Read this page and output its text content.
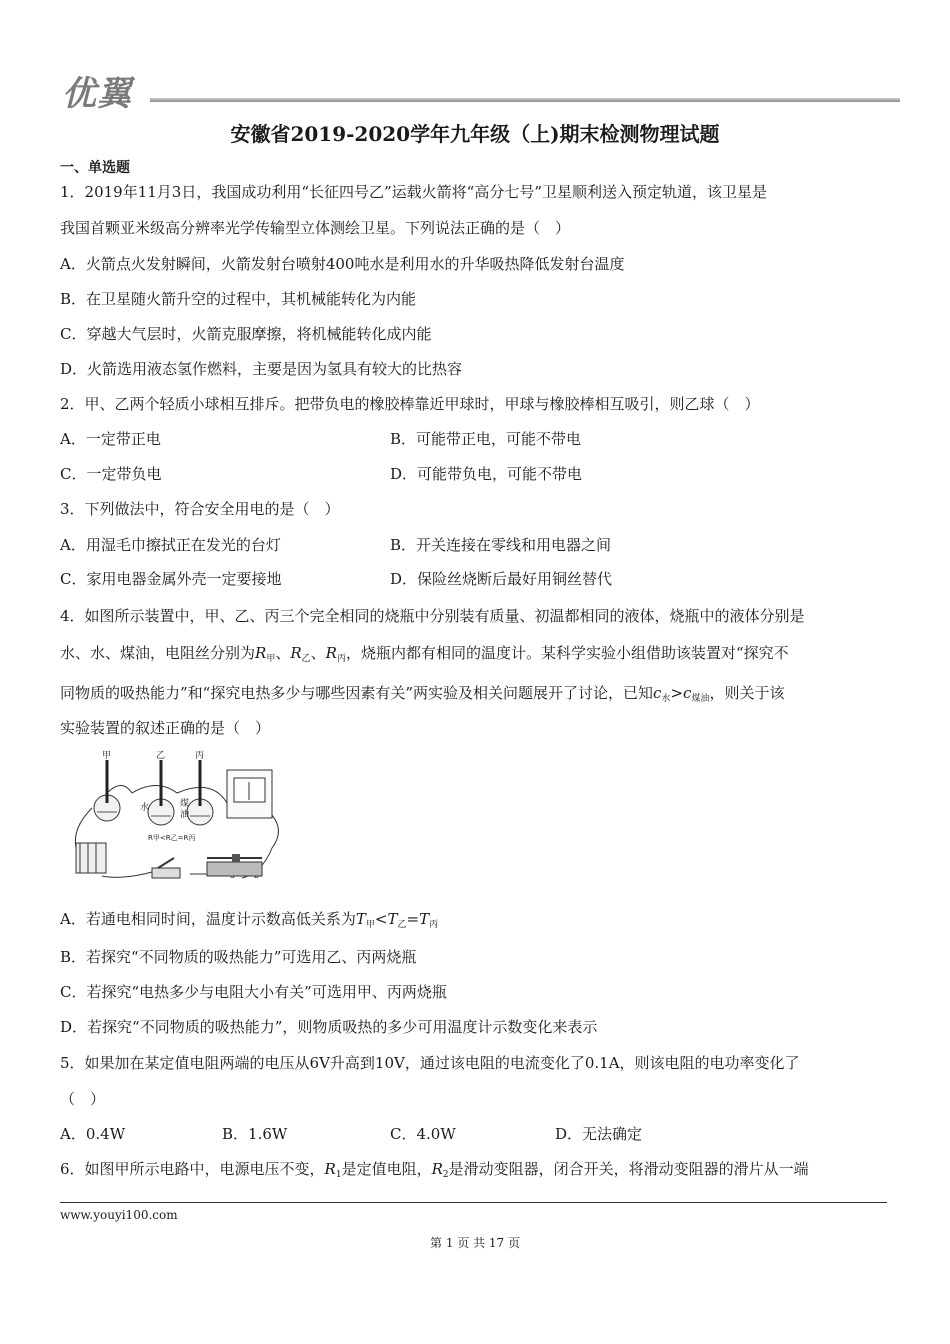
优翼
安徽省2019-2020学年九年级（上)期末检测物理试题
一、单选题
1．2019年11月3日，我国成功利用“长征四号乙”运载火箭将“高分七号”卫星顺利送入预定轨道，该卫星是
我国首颗亚米级高分辨率光学传输型立体测绘卫星。下列说法正确的是（　）
A．火箭点火发射瞬间，火箭发射台喷射400吨水是利用水的升华吸热降低发射台温度
B．在卫星随火箭升空的过程中，其机械能转化为内能
C．穿越大气层时，火箭克服摩擦，将机械能转化成内能
D．火箭选用液态氢作燃料，主要是因为氢具有较大的比热容
2．甲、乙两个轻质小球相互排斥。把带负电的橡胶棒靠近甲球时，甲球与橡胶棒相互吸引，则乙球（　）
A．一定带正电	B．可能带正电，可能不带电
C．一定带负电	D．可能带负电，可能不带电
3．下列做法中，符合安全用电的是（　）
A．用湿毛巾擦拭正在发光的台灯	B．开关连接在零线和用电器之间
C．家用电器金属外壳一定要接地	D．保险丝烧断后最好用铜丝替代
4．如图所示装置中，甲、乙、丙三个完全相同的烧瓶中分别装有质量、初温都相同的液体，烧瓶中的液体分别是
水、水、煤油，电阻丝分别为$R_甲$、$R_乙$、$R_丙$，烧瓶内都有相同的温度计。某科学实验小组借助该装置对“探究不
同物质的吸热能力”和“探究电热多少与哪些因素有关”两实验及相关问题展开了讨论，已知$c_水>c_{煤油}$，则关于该
实验装置的叙述正确的是（　）
甲	乙	丙
水	煤
油
R甲<R乙=R丙
A．若通电相同时间，温度计示数高低关系为$T_甲<T_乙=T_丙$
B．若探究“不同物质的吸热能力”可选用乙、丙两烧瓶
C．若探究“电热多少与电阻大小有关”可选用甲、丙两烧瓶
D．若探究“不同物质的吸热能力”，则物质吸热的多少可用温度计示数变化来表示
5．如果加在某定值电阻两端的电压从6V升高到10V，通过该电阻的电流变化了0.1A，则该电阻的电功率变化了
（　）
A．0.4W	B．1.6W	C．4.0W	D．无法确定
6．如图甲所示电路中，电源电压不变，$R_1$是定值电阻，$R_2$是滑动变阻器，闭合开关，将滑动变阻器的滑片从一端
www.youyi100.com
第 1 页 共 17 页
